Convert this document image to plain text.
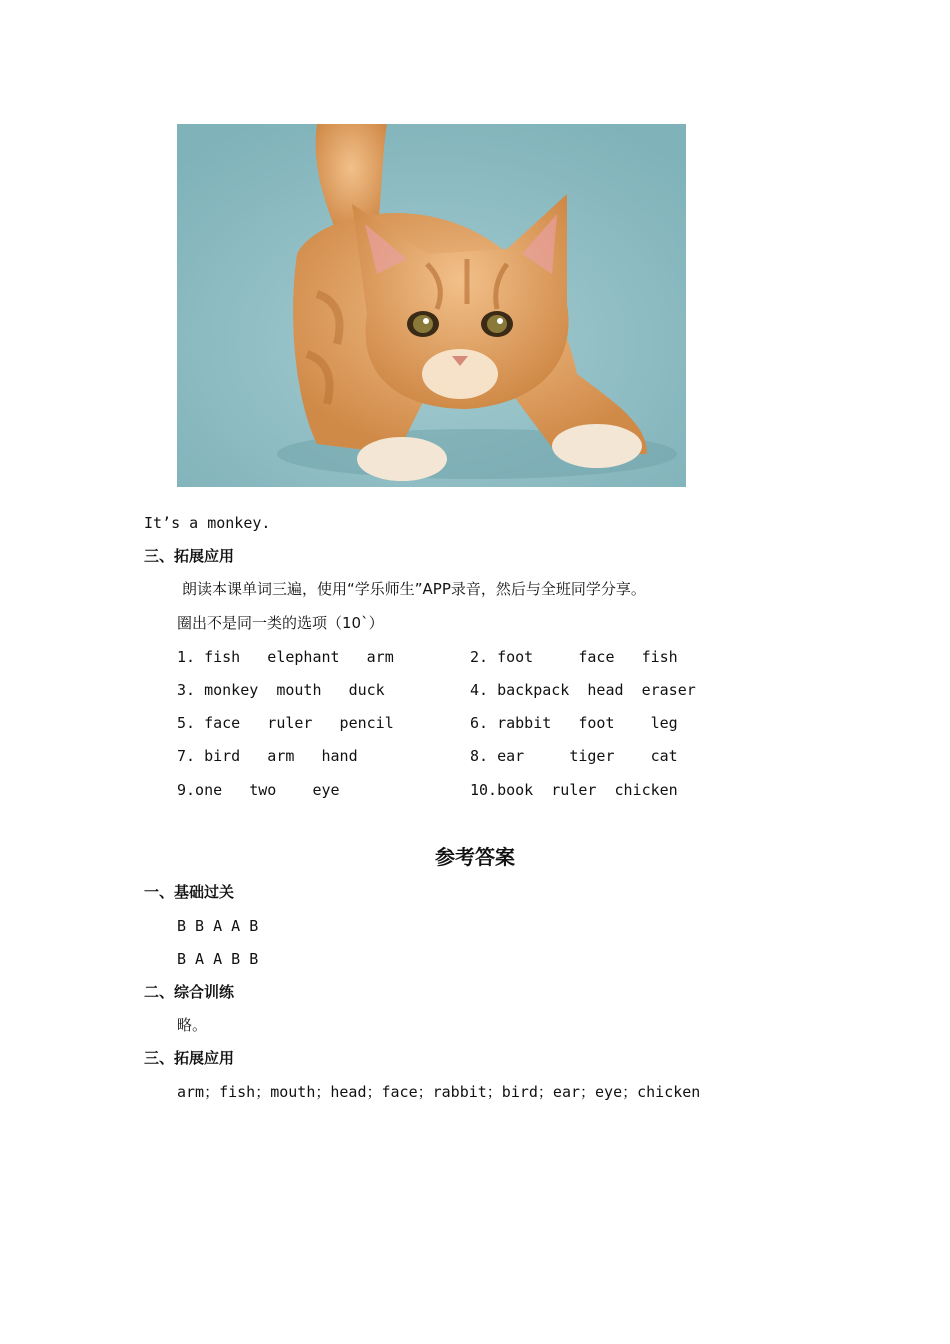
It’s a monkey.
三、拓展应用
朗读本课单词三遍，使用“学乐师生”APP录音，然后与全班同学分享。
圈出不是同一类的选项（10`）
1. fish   elephant   arm	2. foot     face   fish
3. monkey  mouth   duck	4. backpack  head  eraser
5. face   ruler   pencil	6. rabbit   foot    leg
7. bird   arm   hand	8. ear     tiger    cat
9.one   two    eye	10.book  ruler  chicken
参考答案
一、基础过关
B B A A B
B A A B B
二、综合训练
略。
三、拓展应用
arm；fish；mouth；head；face；rabbit；bird；ear；eye；chicken
